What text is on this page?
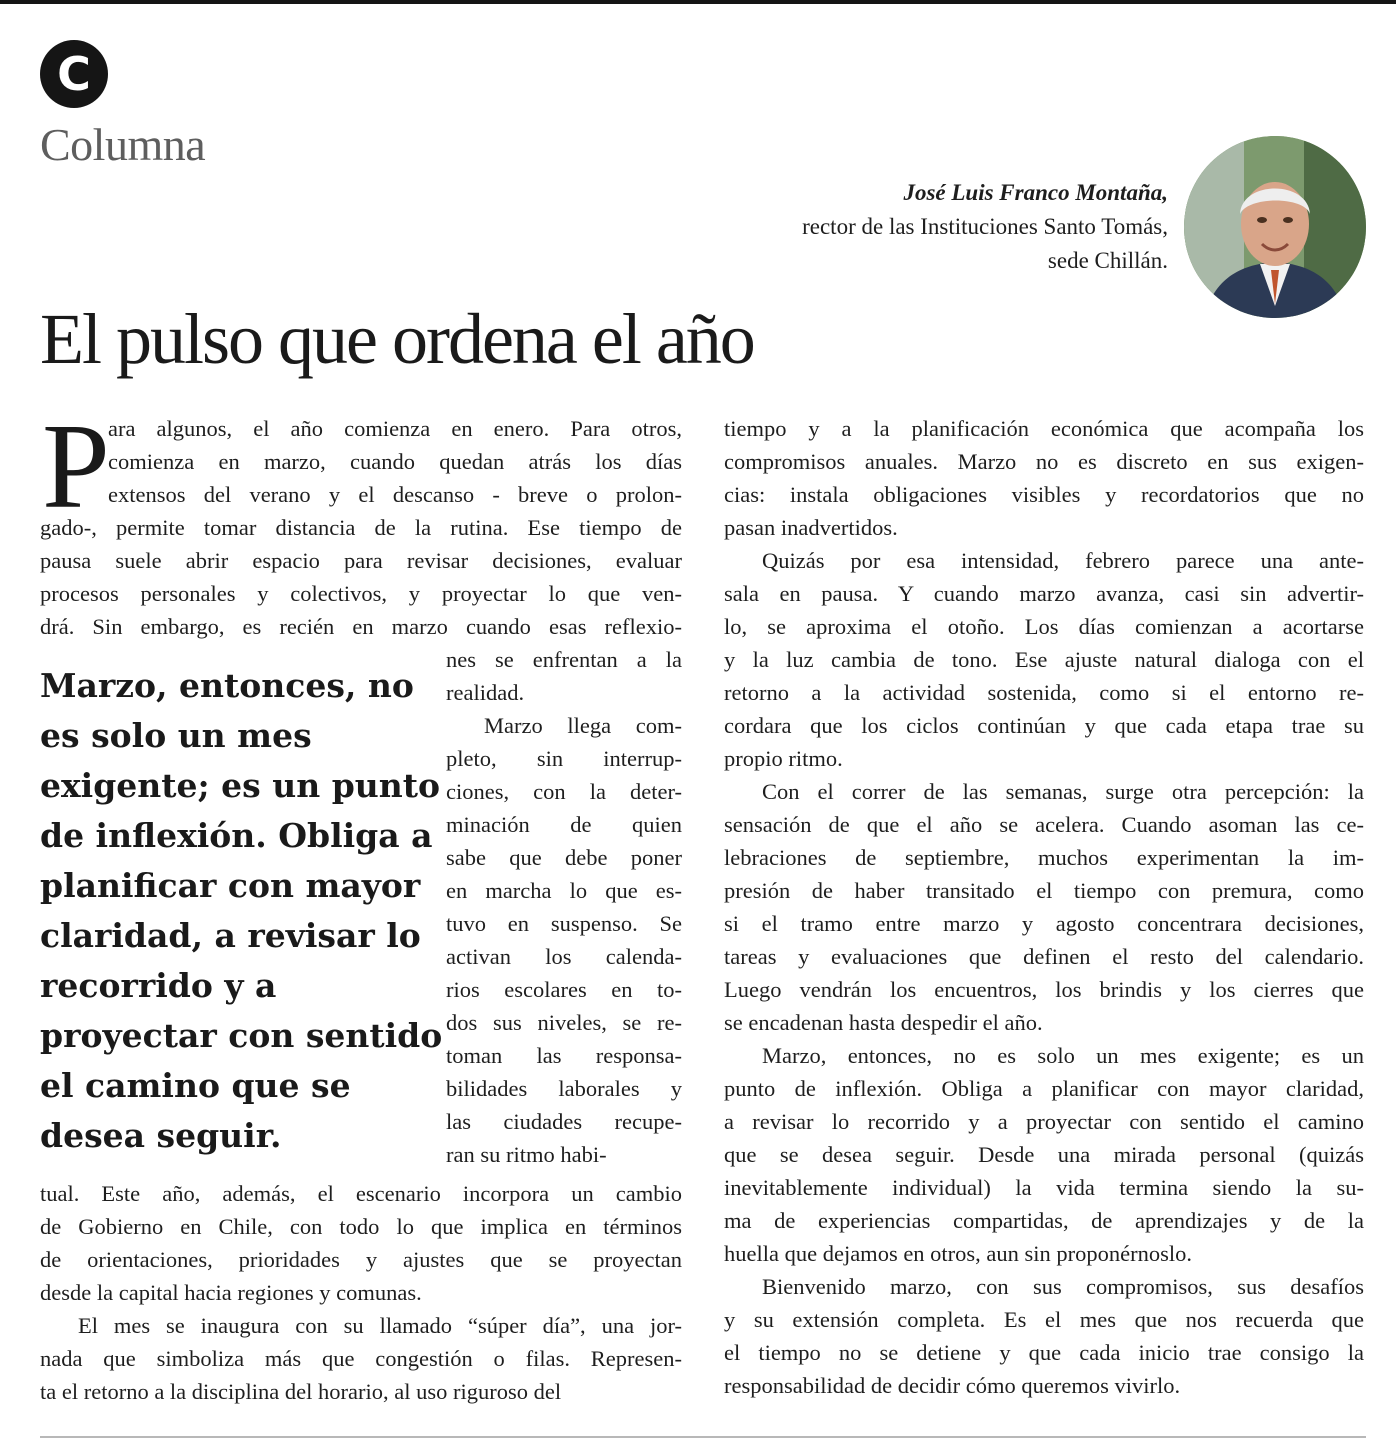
C
Columna
José Luis Franco Montaña,
rector de las Instituciones Santo Tomás,
sede Chillán.
El pulso que ordena el año
P
ara algunos, el año comienza en enero. Para otros,
comienza en marzo, cuando quedan atrás los días
extensos del verano y el descanso - breve o prolon-
gado-, permite tomar distancia de la rutina. Ese tiempo de
pausa suele abrir espacio para revisar decisiones, evaluar
procesos personales y colectivos, y proyectar lo que ven-
drá. Sin embargo, es recién en marzo cuando esas reflexio-
nes se enfrentan a la
realidad.
Marzo llega com-
pleto, sin interrup-
ciones, con la deter-
minación de quien
sabe que debe poner
en marcha lo que es-
tuvo en suspenso. Se
activan los calenda-
rios escolares en to-
dos sus niveles, se re-
toman las responsa-
bilidades laborales y
las ciudades recupe-
ran su ritmo habi-
tual. Este año, además, el escenario incorpora un cambio
de Gobierno en Chile, con todo lo que implica en términos
de orientaciones, prioridades y ajustes que se proyectan
desde la capital hacia regiones y comunas.
El mes se inaugura con su llamado “súper día”, una jor-
nada que simboliza más que congestión o filas. Represen-
ta el retorno a la disciplina del horario, al uso riguroso del
tiempo y a la planificación económica que acompaña los
compromisos anuales. Marzo no es discreto en sus exigen-
cias: instala obligaciones visibles y recordatorios que no
pasan inadvertidos.
Quizás por esa intensidad, febrero parece una ante-
sala en pausa. Y cuando marzo avanza, casi sin advertir-
lo, se aproxima el otoño. Los días comienzan a acortarse
y la luz cambia de tono. Ese ajuste natural dialoga con el
retorno a la actividad sostenida, como si el entorno re-
cordara que los ciclos continúan y que cada etapa trae su
propio ritmo.
Con el correr de las semanas, surge otra percepción: la
sensación de que el año se acelera. Cuando asoman las ce-
lebraciones de septiembre, muchos experimentan la im-
presión de haber transitado el tiempo con premura, como
si el tramo entre marzo y agosto concentrara decisiones,
tareas y evaluaciones que definen el resto del calendario.
Luego vendrán los encuentros, los brindis y los cierres que
se encadenan hasta despedir el año.
Marzo, entonces, no es solo un mes exigente; es un
punto de inflexión. Obliga a planificar con mayor claridad,
a revisar lo recorrido y a proyectar con sentido el camino
que se desea seguir. Desde una mirada personal (quizás
inevitablemente individual) la vida termina siendo la su-
ma de experiencias compartidas, de aprendizajes y de la
huella que dejamos en otros, aun sin proponérnoslo.
Bienvenido marzo, con sus compromisos, sus desafíos
y su extensión completa. Es el mes que nos recuerda que
el tiempo no se detiene y que cada inicio trae consigo la
responsabilidad de decidir cómo queremos vivirlo.
Marzo, entonces, no
es solo un mes
exigente; es un punto
de inflexión. Obliga a
planificar con mayor
claridad, a revisar lo
recorrido y a
proyectar con sentido
el camino que se
desea seguir.
